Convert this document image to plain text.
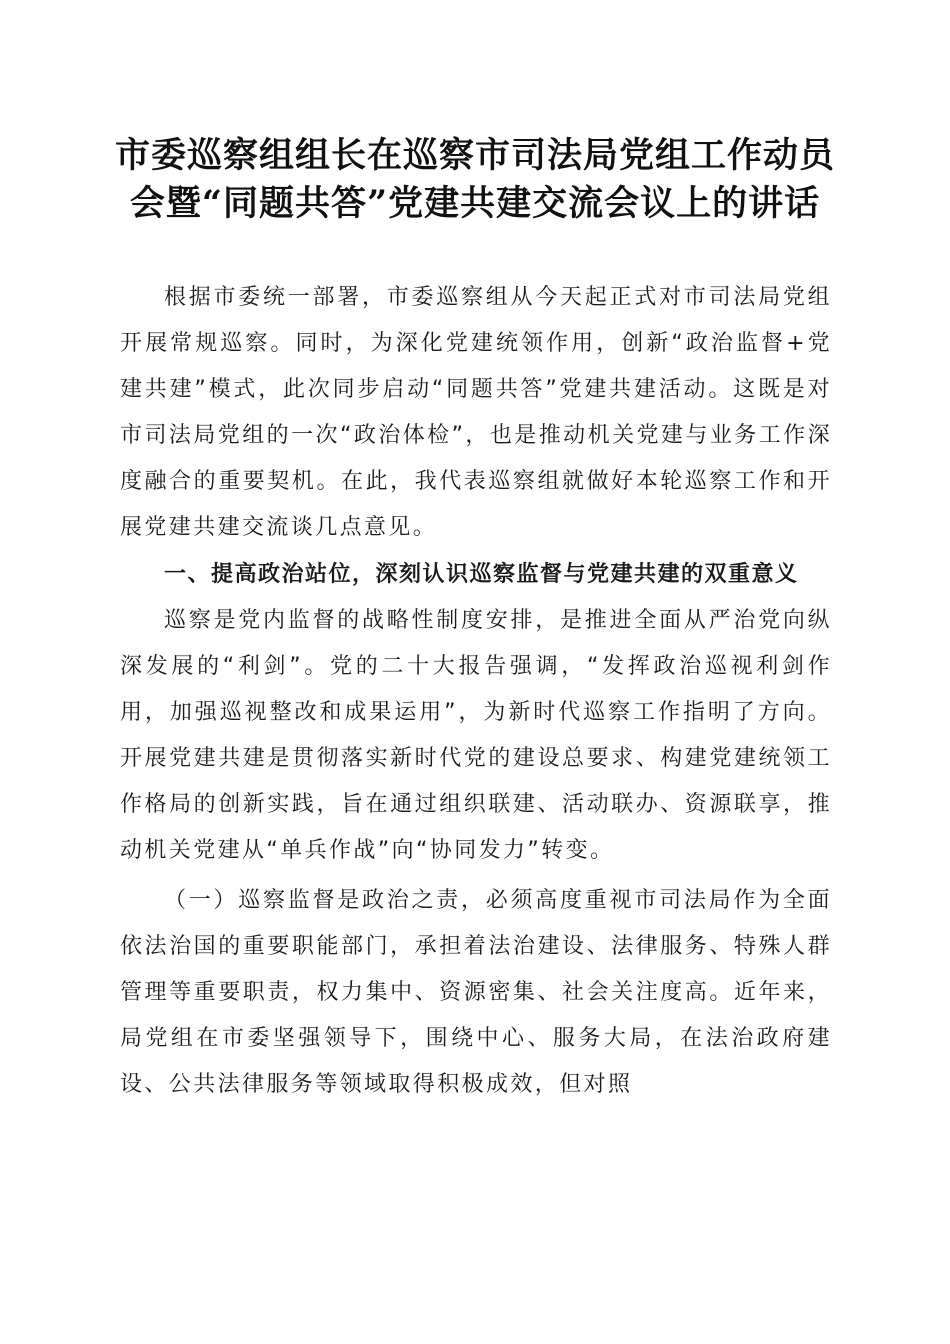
市委巡察组组长在巡察市司法局党组工作动员
会暨“同题共答”党建共建交流会议上的讲话

根据市委统一部署，市委巡察组从今天起正式对市司法局党组开展常规巡察。同时，为深化党建统领作用，创新“政治监督+党建共建”模式，此次同步启动“同题共答”党建共建活动。这既是对市司法局党组的一次“政治体检”，也是推动机关党建与业务工作深度融合的重要契机。在此，我代表巡察组就做好本轮巡察工作和开展党建共建交流谈几点意见。

一、提高政治站位，深刻认识巡察监督与党建共建的双重意义

巡察是党内监督的战略性制度安排，是推进全面从严治党向纵深发展的“利剑”。党的二十大报告强调，“发挥政治巡视利剑作用，加强巡视整改和成果运用”，为新时代巡察工作指明了方向。开展党建共建是贯彻落实新时代党的建设总要求、构建党建统领工作格局的创新实践，旨在通过组织联建、活动联办、资源联享，推动机关党建从“单兵作战”向“协同发力”转变。

（一）巡察监督是政治之责，必须高度重视市司法局作为全面依法治国的重要职能部门，承担着法治建设、法律服务、特殊人群管理等重要职责，权力集中、资源密集、社会关注度高。近年来，局党组在市委坚强领导下，围绕中心、服务大局，在法治政府建设、公共法律服务等领域取得积极成效，但对照
